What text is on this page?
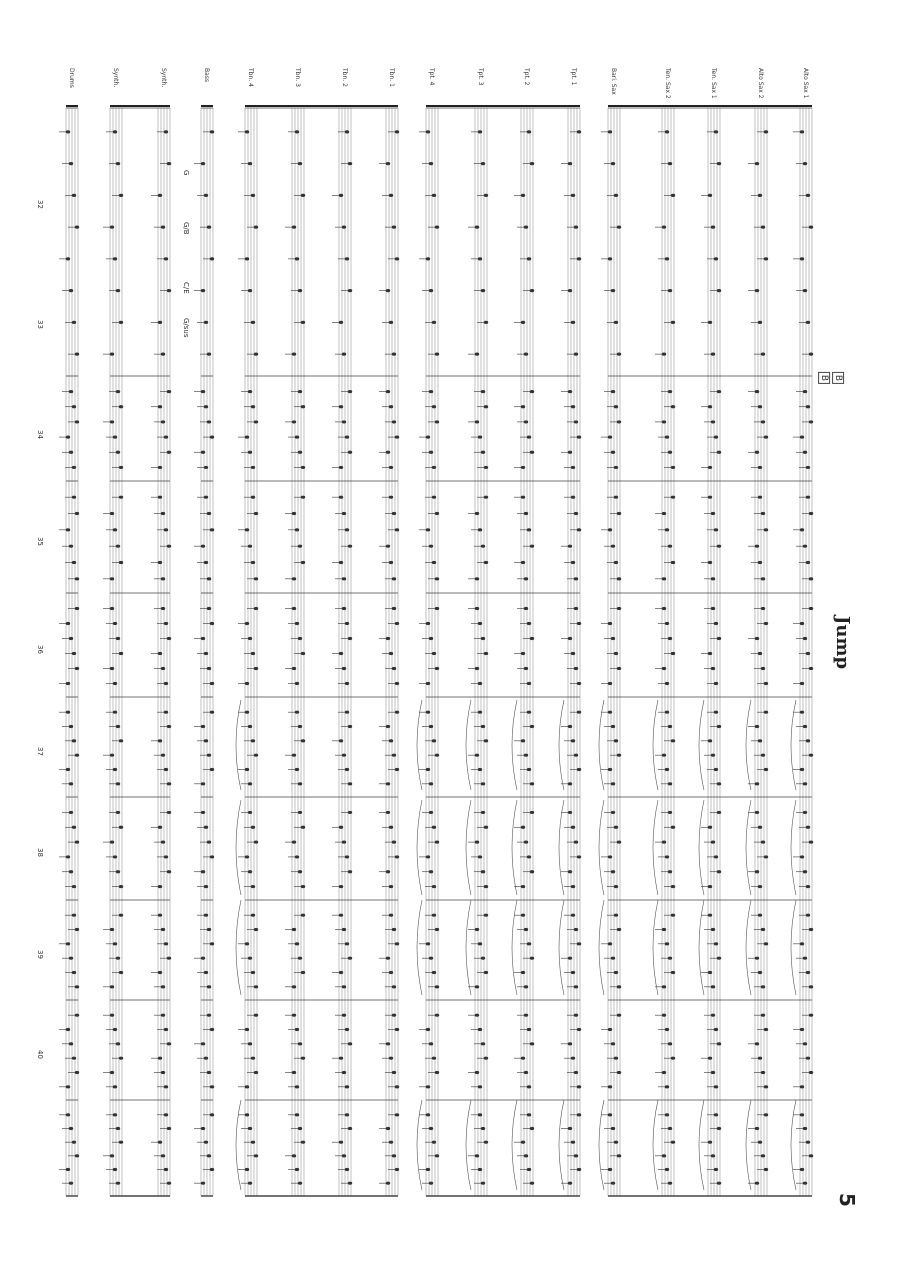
Alto Sax 1
Alto Sax 2
Ten. Sax 1
Ten. Sax 2
Bari. Sax
Tpt. 1
Tpt. 2
Tpt. 3
Tpt. 4
Tbn. 1
Tbn. 2
Tbn. 3
Tbn. 4
Bass
Synth.
Synth.
Drums
32
33
34
35
36
37
38
39
40
G
G/B
C/E
G/sus
Jump
B B
5
